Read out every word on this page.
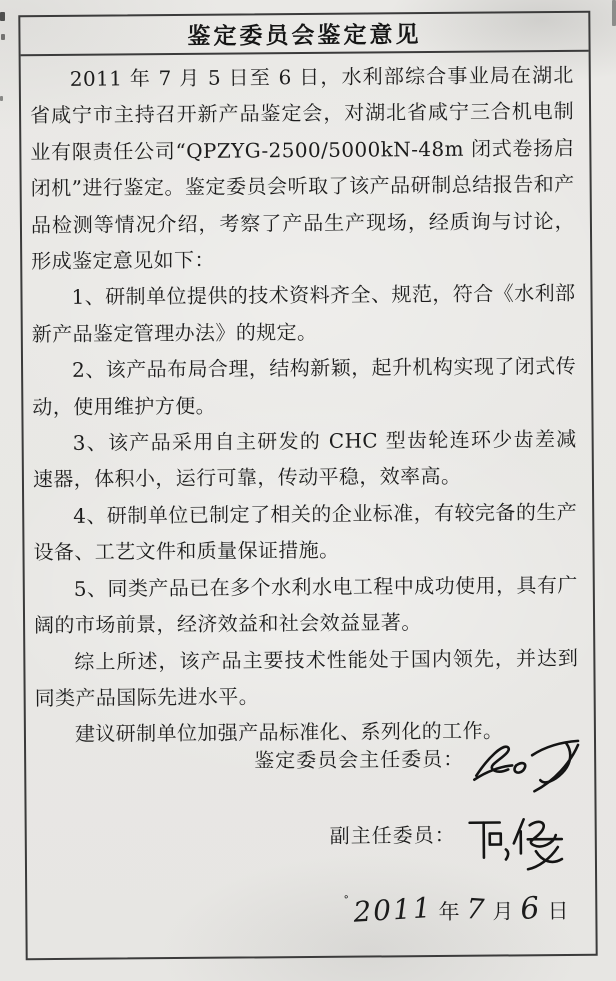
鉴定委员会鉴定意见

2011 年 7 月 5 日至 6 日，水利部综合事业局在湖北省咸宁市主持召开新产品鉴定会，对湖北省咸宁三合机电制业有限责任公司“QPZYG-2500/5000kN-48m 闭式卷扬启闭机”进行鉴定。鉴定委员会听取了该产品研制总结报告和产品检测等情况介绍，考察了产品生产现场，经质询与讨论，形成鉴定意见如下：

1、研制单位提供的技术资料齐全、规范，符合《水利部新产品鉴定管理办法》的规定。

2、该产品布局合理，结构新颖，起升机构实现了闭式传动，使用维护方便。

3、该产品采用自主研发的 CHC 型齿轮连环少齿差减速器，体积小，运行可靠，传动平稳，效率高。

4、研制单位已制定了相关的企业标准，有较完备的生产设备、工艺文件和质量保证措施。

5、同类产品已在多个水利水电工程中成功使用，具有广阔的市场前景，经济效益和社会效益显著。

综上所述，该产品主要技术性能处于国内领先，并达到同类产品国际先进水平。

建议研制单位加强产品标准化、系列化的工作。

鉴定委员会主任委员：
副主任委员：
˚ 2011 年 7 月 6 日
